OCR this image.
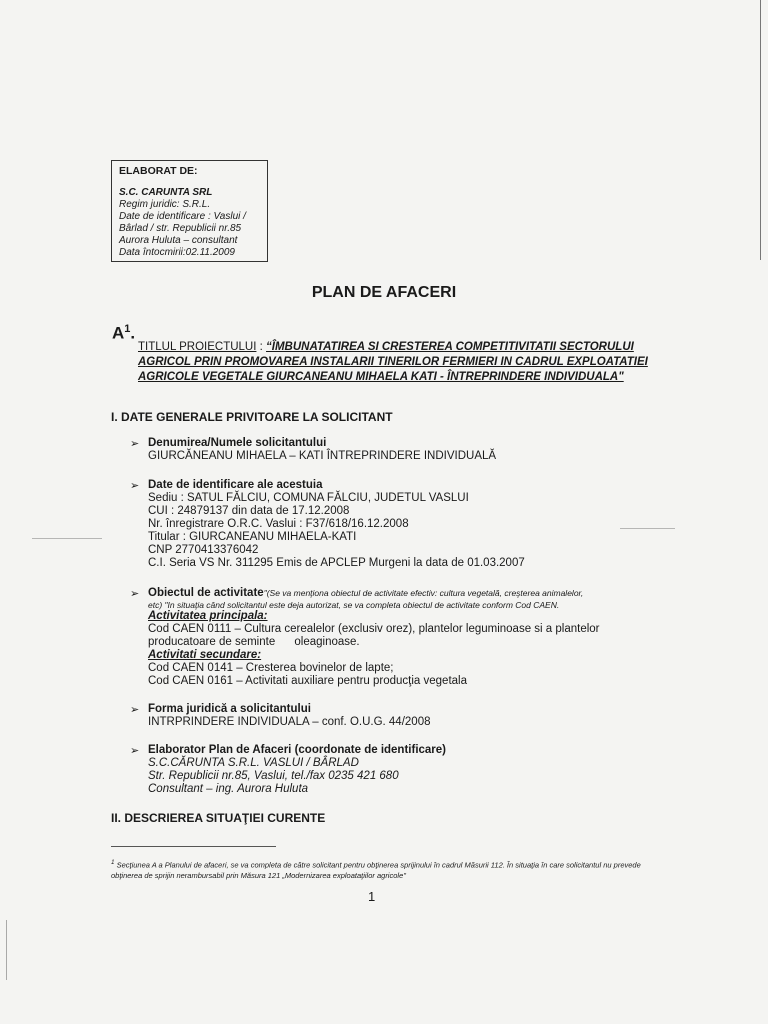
ELABORAT DE:
S.C. CARUNTA SRL
Regim juridic: S.R.L.
Date de identificare : Vaslui /
Bârlad / str. Republicii nr.85
Aurora Huluta – consultant
Data întocmirii:02.11.2009
PLAN DE AFACERI
$A^1$.
TITLUL PROIECTULUI : “ÎMBUNATATIREA SI CRESTEREA COMPETITIVITATII SECTORULUI AGRICOL PRIN PROMOVAREA INSTALARII TINERILOR FERMIERI IN CADRUL EXPLOATATIEI AGRICOLE VEGETALE GIURCANEANU MIHAELA KATI - ÎNTREPRINDERE INDIVIDUALA"
I. DATE GENERALE PRIVITOARE LA SOLICITANT
➢ Denumirea/Numele solicitantului
GIURCĂNEANU MIHAELA – KATI ÎNTREPRINDERE INDIVIDUALĂ
➢ Date de identificare ale acestuia
Sediu : SATUL FĂLCIU, COMUNA FĂLCIU, JUDETUL VASLUI
CUI : 24879137 din data de 17.12.2008
Nr. înregistrare O.R.C. Vaslui : F37/618/16.12.2008
Titular : GIURCANEANU MIHAELA-KATI
CNP 2770413376042
C.I. Seria VS Nr. 311295 Emis de APCLEP Murgeni la data de 01.03.2007
➢ Obiectul de activitate"(Se va menţiona obiectul de activitate efectiv: cultura vegetală, creşterea animalelor,
etc) "In situaţia când solicitantul este deja autorizat, se va completa obiectul de activitate conform Cod CAEN.
Activitatea principala:
Cod CAEN 0111 – Cultura cerealelor (exclusiv orez), plantelor leguminoase si a plantelor
producatoare de seminte      oleaginoase.
Activitati secundare:
Cod CAEN 0141 – Cresterea bovinelor de lapte;
Cod CAEN 0161 – Activitati auxiliare pentru producţia vegetala
➢ Forma juridică a solicitantului
INTRPRINDERE INDIVIDUALA – conf. O.U.G. 44/2008
➢ Elaborator Plan de Afaceri (coordonate de identificare)
S.C.CĂRUNTA S.R.L. VASLUI / BÂRLAD
Str. Republicii nr.85, Vaslui, tel./fax 0235 421 680
Consultant – ing. Aurora Huluta
II. DESCRIEREA SITUAŢIEI CURENTE
$^1$ Secţiunea A a Planului de afaceri, se va completa de către solicitant pentru obţinerea sprijinului în cadrul Măsurii 112. În situaţia în care solicitantul nu prevede obţinerea de sprijin nerambursabil prin Măsura 121 „Modernizarea exploataţiilor agricole"
1
